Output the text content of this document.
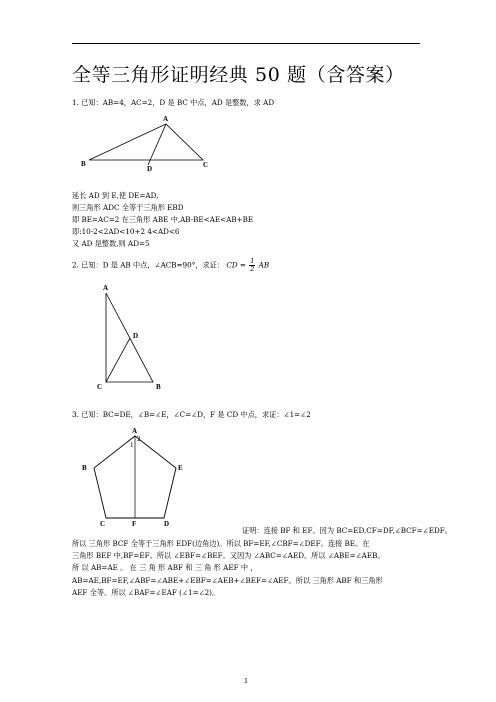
全等三角形证明经典 50 题（含答案）
1. 已知：AB=4，AC=2，D 是 BC 中点，AD 是整数，求 AD
A
B	C
D
延长 AD 到 E,使 DE=AD,
则三角形 ADC 全等于三角形 EBD
即 BE=AC=2 在三角形 ABE 中,AB-BE<AE<AB+BE
即:10-2<2AD<10+2 4<AD<6
又 AD 是整数,则 AD=5
2. 已知：D 是 AB 中点，∠ACB=90°，求证： CD = $\frac{1}{2}$ AB
A
D
C	B
3. 已知：BC=DE，∠B=∠E，∠C=∠D，F 是 CD 中点，求证：∠1=∠2
A
1
2
B	E
C	F	D
证明：连接 BF 和 EF。因为 BC=ED,CF=DF,∠BCF=∠EDF。
所以 三角形 BCF 全等于三角形 EDF(边角边)。所以 BF=EF,∠CBF=∠DEF。连接 BE。在
三角形 BEF 中,BF=EF。所以 ∠EBF=∠BEF。又因为 ∠ABC=∠AED。所以 ∠ABE=∠AEB。
所 以 AB=AE 。 在 三 角 形 ABF 和 三 角 形 AEF 中 ，
AB=AE,BF=EF,∠ABF=∠ABE+∠EBF=∠AEB+∠BEF=∠AEF。所以 三角形 ABF 和三角形
AEF 全等。所以 ∠BAF=∠EAF (∠1=∠2)。
1
